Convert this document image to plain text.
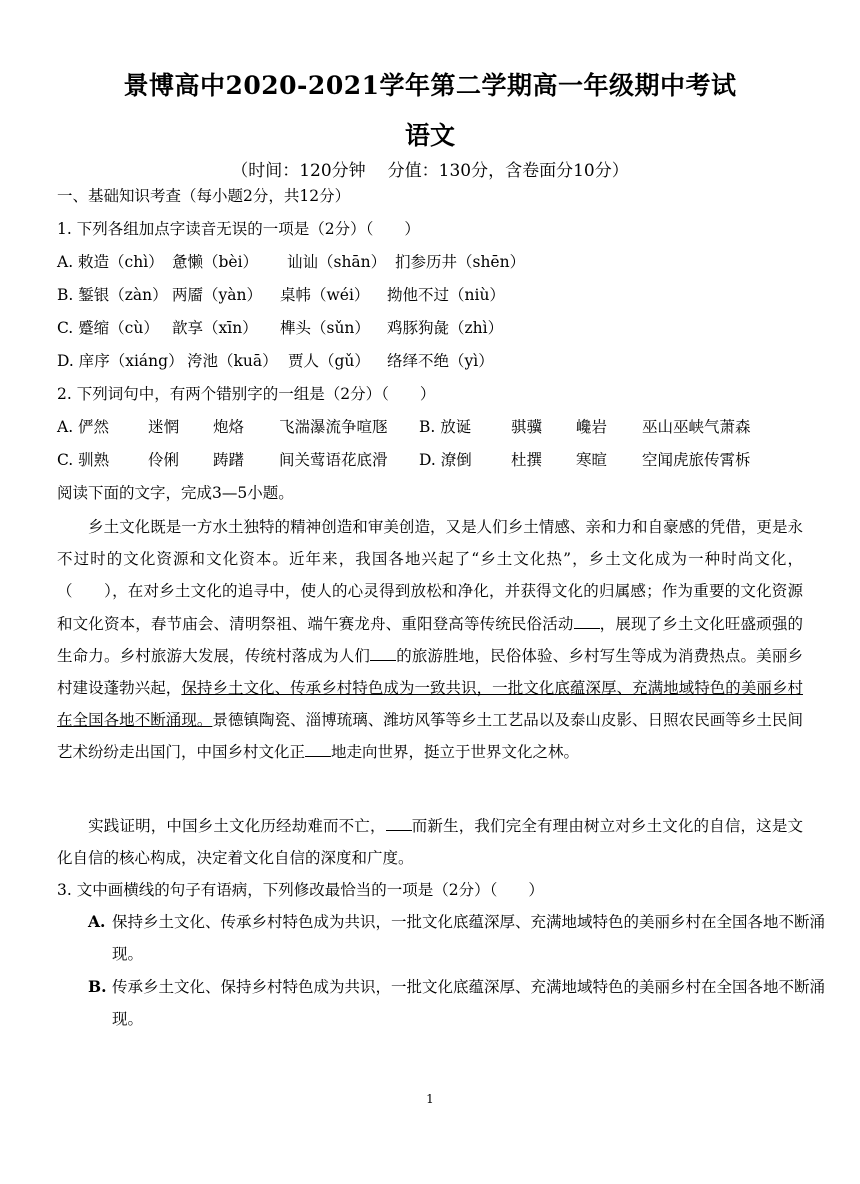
景博高中2020-2021学年第二学期高一年级期中考试
语文
（时间：120分钟 分值：130分，含卷面分10分）
一、基础知识考查（每小题2分，共12分）
1. 下列各组加点字读音无误的一项是（2分）（　　）
A. 敕造（chì） 惫懒（bèi） 讪讪（shān） 扪参历井（shēn）
B. 錾银（zàn） 两靥（yàn） 桌帏（wéi） 拗他不过（niù）
C. 蹙缩（cù） 歆享（xīn） 榫头（sǔn） 鸡豚狗彘（zhì）
D. 庠序（xiáng） 洿池（kuā） 贾人（gǔ） 络绎不绝（yì）
2. 下列词句中，有两个错别字的一组是（2分）（　　）
A. 俨然	迷惘 炮烙 飞湍瀑流争喧豗 B. 放诞	骐骥 巉岩 巫山巫峡气萧森
C. 驯熟	伶俐 踌躇 间关莺语花底滑 D. 潦倒	杜撰 寒暄 空闻虎旅传霄柝
阅读下面的文字，完成3—5小题。
乡土文化既是一方水土独特的精神创造和审美创造，又是人们乡土情感、亲和力和自豪感的凭借，更是永不过时的文化资源和文化资本。近年来，我国各地兴起了“乡土文化热”，乡土文化成为一种时尚文化，（　　），在对乡土文化的追寻中，使人的心灵得到放松和净化，并获得文化的归属感；作为重要的文化资源和文化资本，春节庙会、清明祭祖、端午赛龙舟、重阳登高等传统民俗活动 ，展现了乡土文化旺盛顽强的生命力。乡村旅游大发展，传统村落成为人们 的旅游胜地，民俗体验、乡村写生等成为消费热点。美丽乡村建设蓬勃兴起，保持乡土文化、传承乡村特色成为一致共识，一批文化底蕴深厚、充满地域特色的美丽乡村在全国各地不断涌现。景德镇陶瓷、淄博琉璃、潍坊风筝等乡土工艺品以及泰山皮影、日照农民画等乡土民间艺术纷纷走出国门，中国乡村文化正 地走向世界，挺立于世界文化之林。
实践证明，中国乡土文化历经劫难而不亡， 而新生，我们完全有理由树立对乡土文化的自信，这是文化自信的核心构成，决定着文化自信的深度和广度。
3. 文中画横线的句子有语病，下列修改最恰当的一项是（2分）（　　）
A. 保持乡土文化、传承乡村特色成为共识，一批文化底蕴深厚、充满地域特色的美丽乡村在全国各地不断涌现。
B. 传承乡土文化、保持乡村特色成为共识，一批文化底蕴深厚、充满地域特色的美丽乡村在全国各地不断涌现。
1
